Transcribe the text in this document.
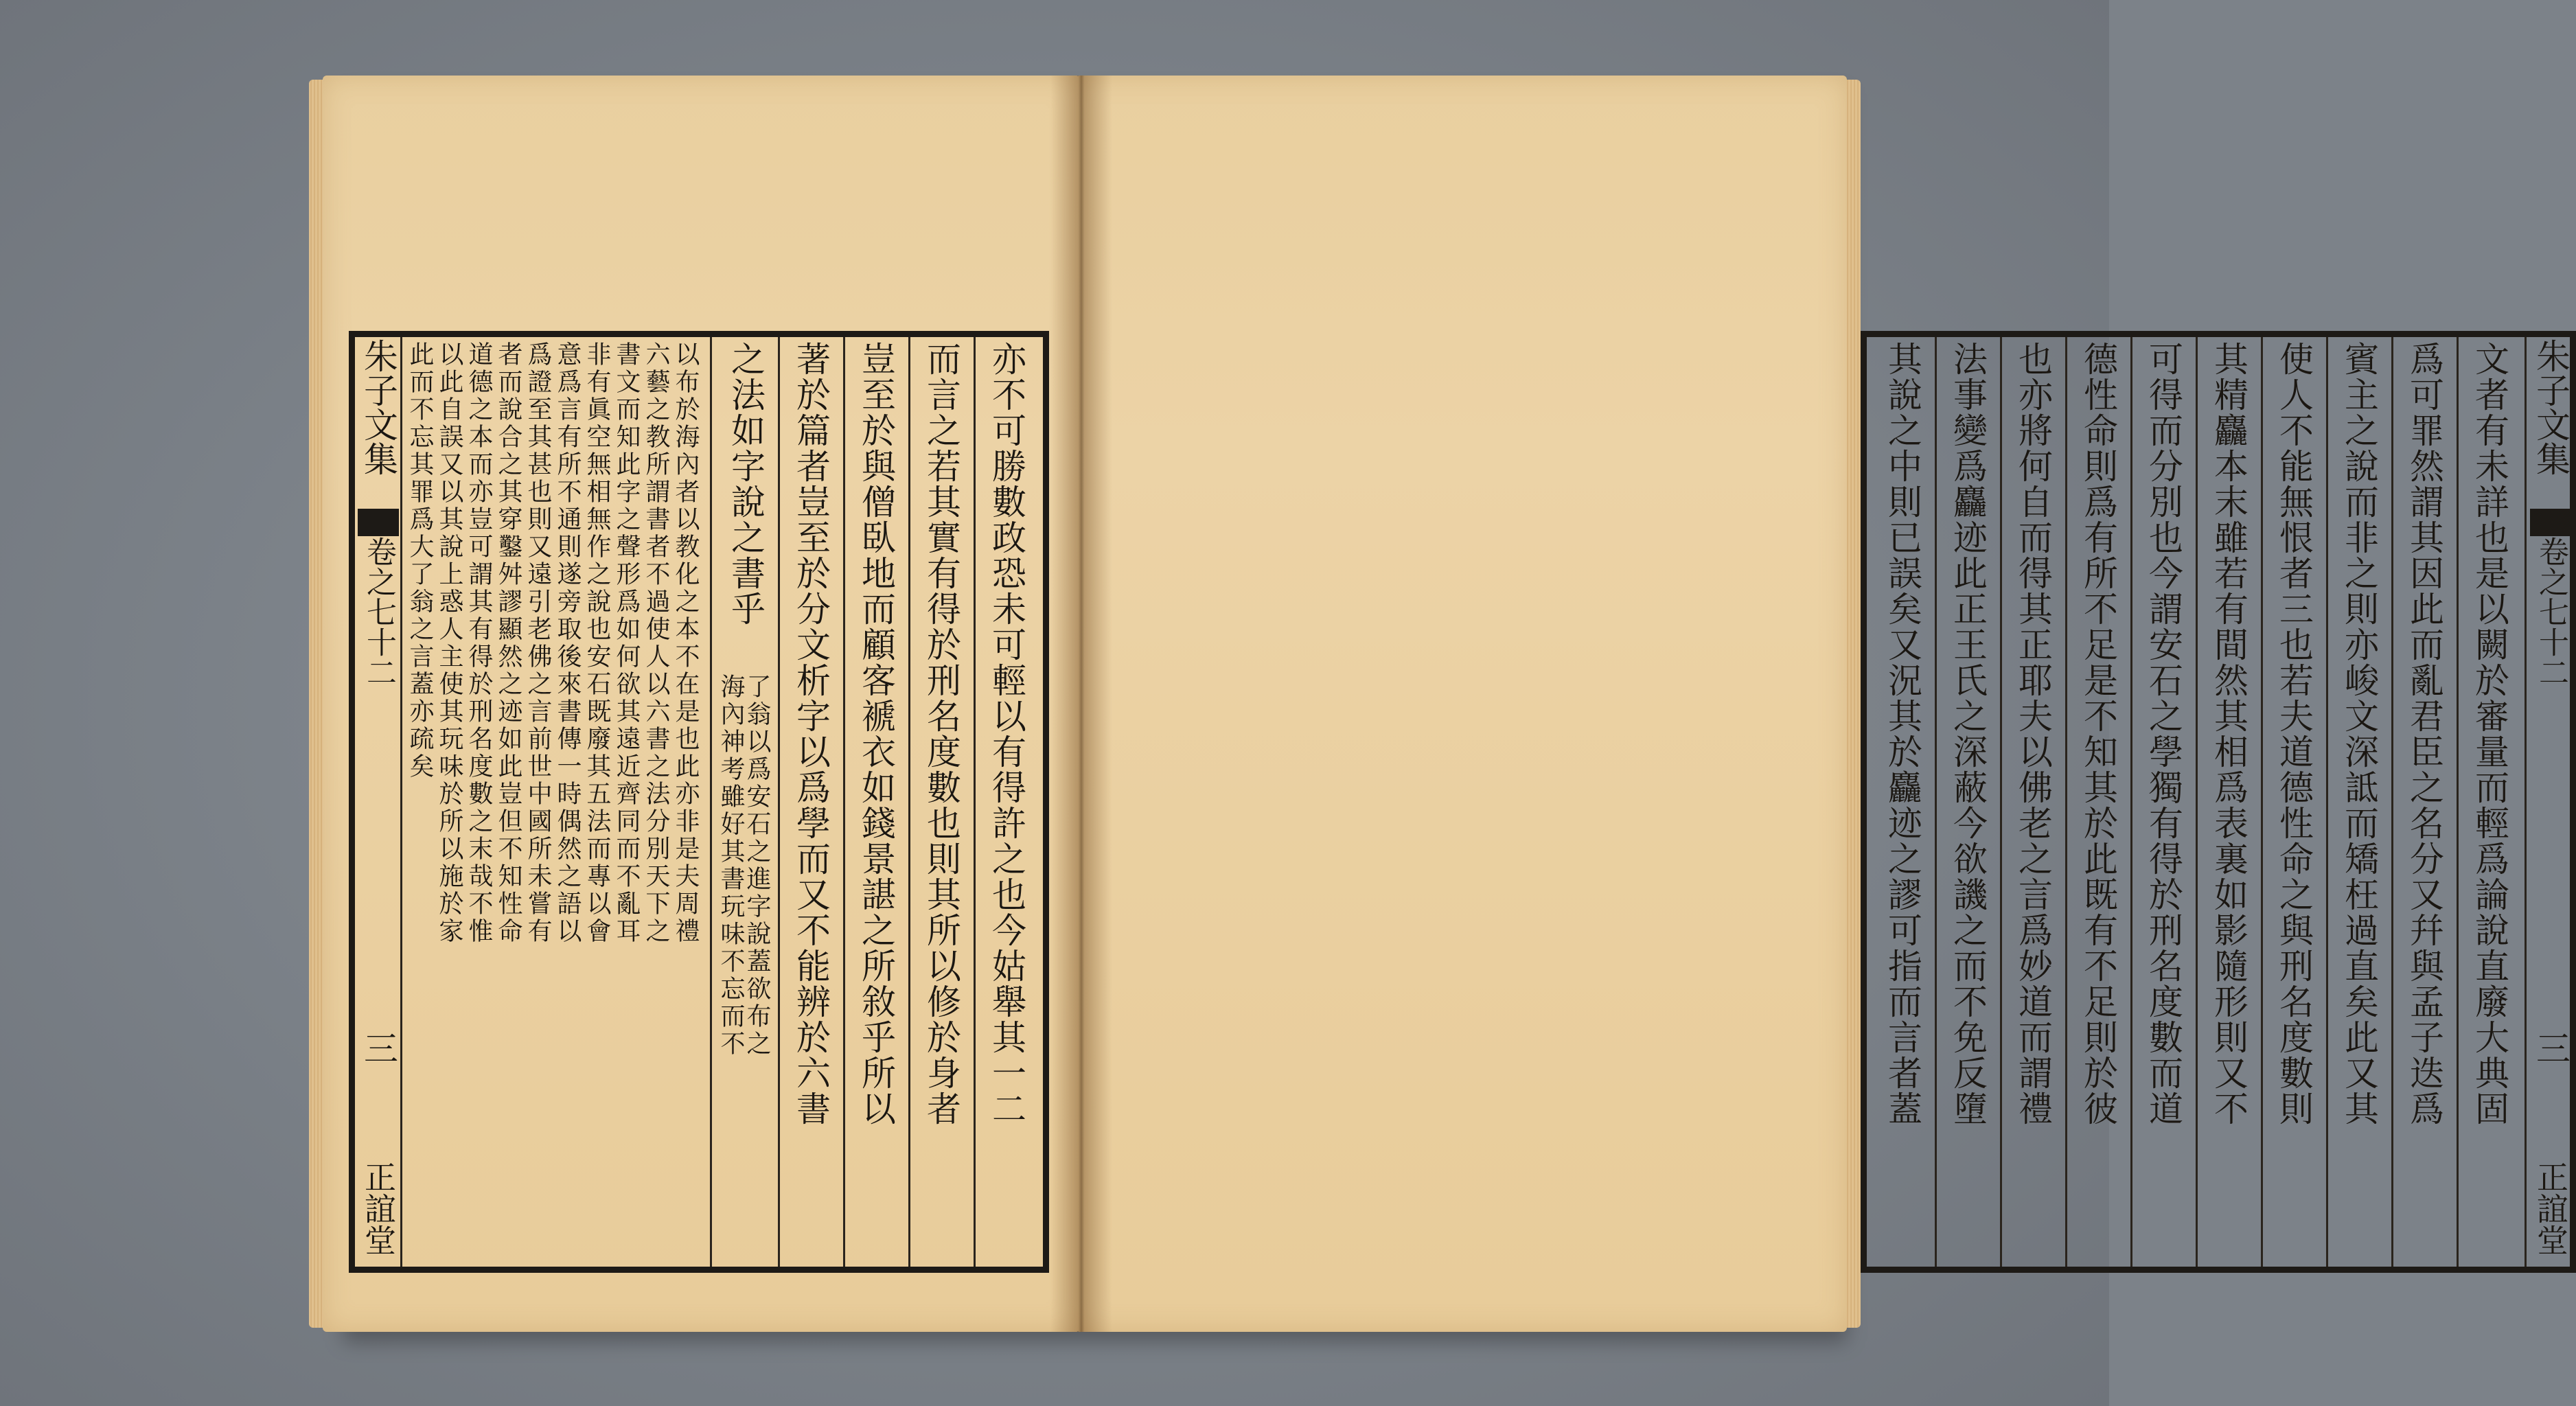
朱子文集
卷之七十二
三
正誼堂
亦不可勝數政恐未可輕以有得許之也今姑舉其一二
而言之若其實有得於刑名度數也則其所以修於身者
豈至於與僧臥地而顧客褫衣如錢景諶之所敘乎所以
著於篇者豈至於分文析字以爲學而又不能辨於六書
之法如字說之書乎
了翁以爲安石之進字說蓋欲布之
海內神考雖好其書玩味不忘而不
以布於海內者以教化之本不在是也此亦非是夫周禮
六藝之教所謂書者不過使人以六書之法分別天下之
書文而知此字之聲形爲如何欲其遠近齊同而不亂耳
非有眞空無相無作之說也安石既廢其五法而專以會
意爲言有所不通則遂旁取後來書傳一時偶然之語以
爲證至其甚也則又遠引老佛之言前世中國所未嘗有
者而說合之其穿鑿舛謬顯然之迹如此豈但不知性命
道德之本而亦豈可謂其有得於刑名度數之末哉不惟
以此自誤又以其說上惑人主使其玩味於所以施於家
此而不忘其罪爲大了翁之言蓋亦疏矣	朱子文集
卷之七十二
三
正誼堂
文者有未詳也是以闕於審量而輕爲論說直廢大典固
爲可罪然謂其因此而亂君臣之名分又幷與孟子迭爲
賓主之說而非之則亦峻文深詆而矯枉過直矣此又其
使人不能無恨者三也若夫道德性命之與刑名度數則
其精麤本末雖若有間然其相爲表裏如影隨形則又不
可得而分別也今謂安石之學獨有得於刑名度數而道
德性命則爲有所不足是不知其於此既有不足則於彼
也亦將何自而得其正耶夫以佛老之言爲妙道而謂禮
法事變爲麤迹此正王氏之深蔽今欲譏之而不免反墮
其說之中則已誤矣又況其於麤迹之謬可指而言者蓋
